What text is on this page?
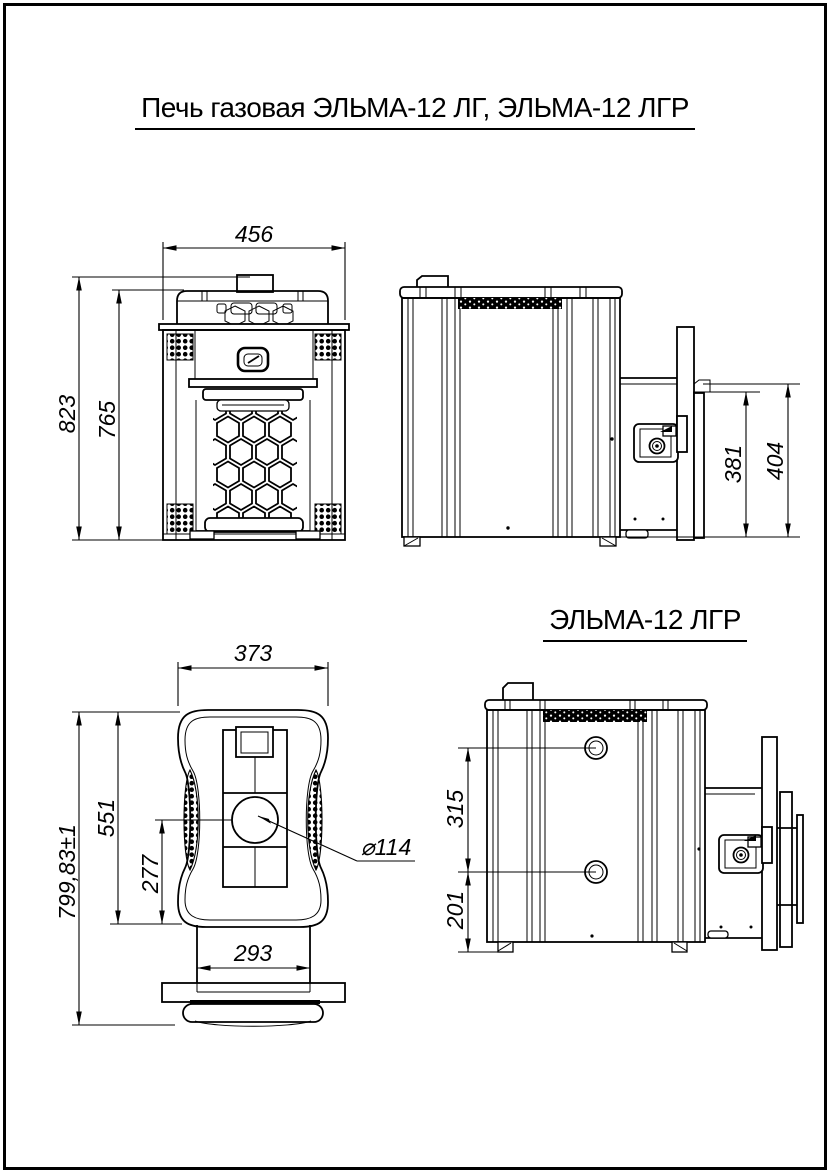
Печь газовая ЭЛЬМА-12 ЛГ, ЭЛЬМА-12 ЛГР
ЭЛЬМА-12 ЛГР
456
823 765
381 404
373
799,83±1
551
277
⌀114
293
315
201
